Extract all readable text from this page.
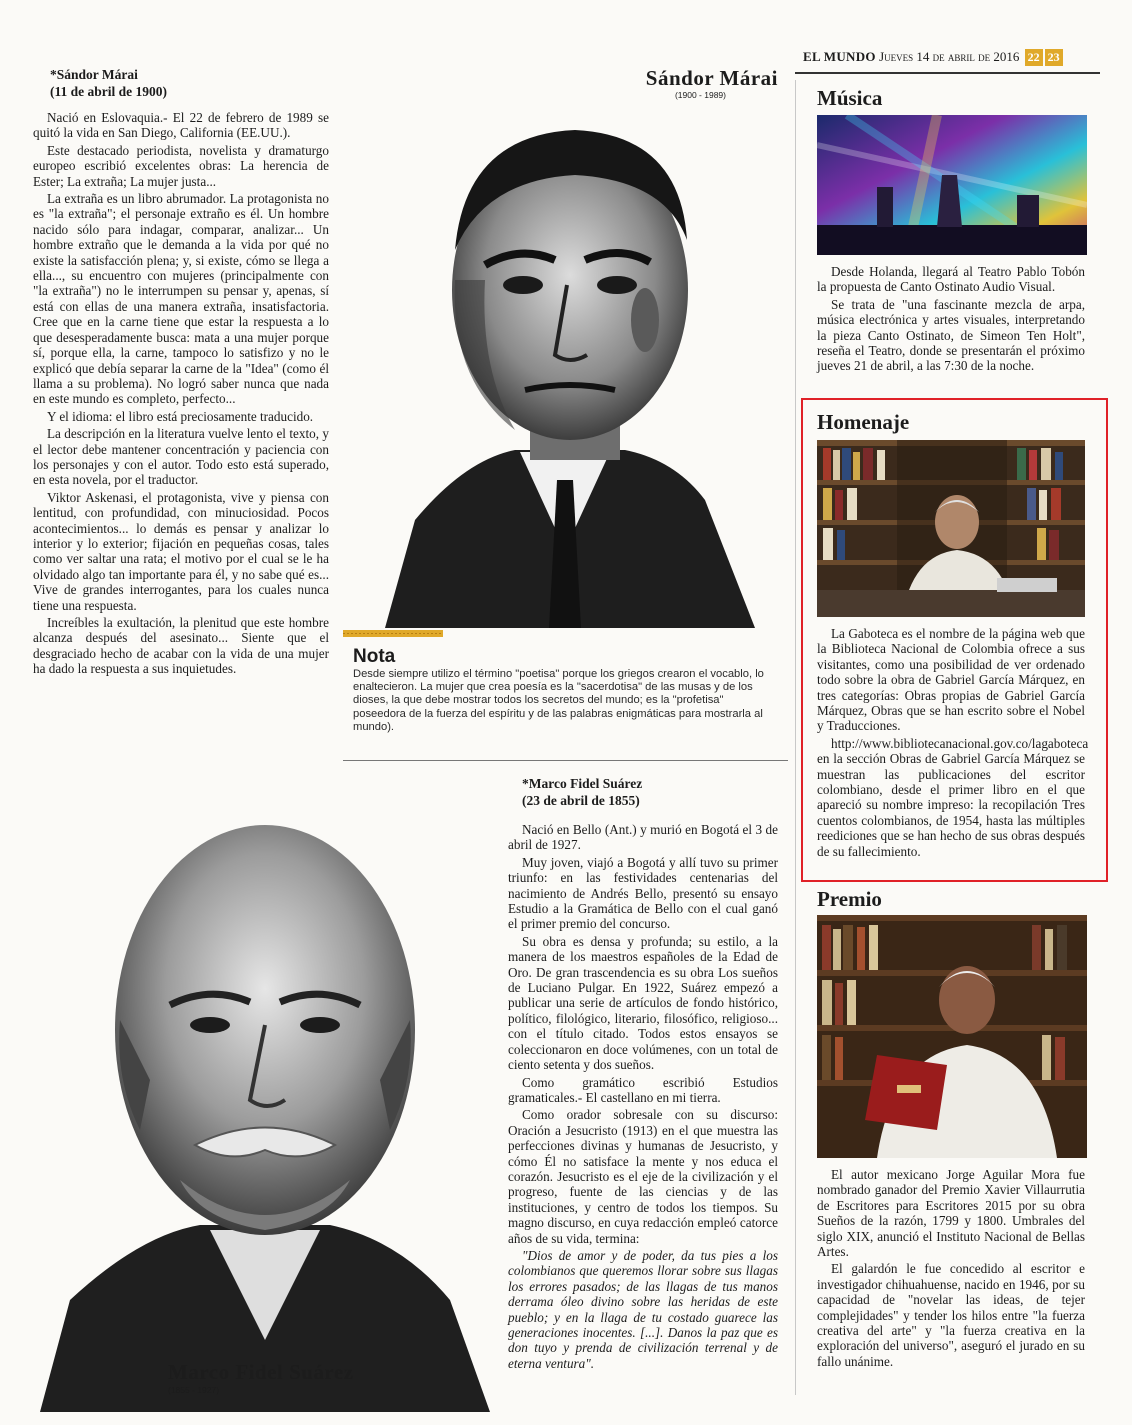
EL MUNDO Jueves 14 de abril de 2016 22 23
*Sándor Márai
(11 de abril de 1900)

Nació en Eslovaquia.- El 22 de febrero de 1989 se quitó la vida en San Diego, California (EE.UU.).

Este destacado periodista, novelista y dramaturgo europeo escribió excelentes obras: La herencia de Ester; La extraña; La mujer justa...

La extraña es un libro abrumador. La protagonista no es "la extraña"; el personaje extraño es él. Un hombre nacido sólo para indagar, comparar, analizar... Un hombre extraño que le demanda a la vida por qué no existe la satisfacción plena; y, si existe, cómo se llega a ella..., su encuentro con mujeres (principalmente con "la extraña") no le interrumpen su pensar y, apenas, sí está con ellas de una manera extraña, insatisfactoria. Cree que en la carne tiene que estar la respuesta a lo que desesperadamente busca: mata a una mujer porque sí, porque ella, la carne, tampoco lo satisfizo y no le explicó que debía separar la carne de la "Idea" (como él llama a su problema). No logró saber nunca que nada en este mundo es completo, perfecto...

Y el idioma: el libro está preciosamente traducido.

La descripción en la literatura vuelve lento el texto, y el lector debe mantener concentración y paciencia con los personajes y con el autor. Todo esto está superado, en esta novela, por el traductor.

Viktor Askenasi, el protagonista, vive y piensa con lentitud, con profundidad, con minuciosidad. Pocos acontecimientos... lo demás es pensar y analizar lo interior y lo exterior; fijación en pequeñas cosas, tales como ver saltar una rata; el motivo por el cual se le ha olvidado algo tan importante para él, y no sabe qué es... Vive de grandes interrogantes, para los cuales nunca tiene una respuesta.

Increíbles la exultación, la plenitud que este hombre alcanza después del asesinato... Siente que el desgraciado hecho de acabar con la vida de una mujer ha dado la respuesta a sus inquietudes.

Sándor Márai
(1900 - 1989)
Nota
Desde siempre utilizo el término "poetisa" porque los griegos crearon el vocablo, lo enaltecieron. La mujer que crea poesía es la "sacerdotisa" de las musas y de los dioses, la que debe mostrar todos los secretos del mundo; es la "profetisa" poseedora de la fuerza del espíritu y de las palabras enigmáticas para mostrarla al mundo).
Marco Fidel Suárez
(1855 - 1927)
*Marco Fidel Suárez
(23 de abril de 1855)

Nació en Bello (Ant.) y murió en Bogotá el 3 de abril de 1927.

Muy joven, viajó a Bogotá y allí tuvo su primer triunfo: en las festividades centenarias del nacimiento de Andrés Bello, presentó su ensayo Estudio a la Gramática de Bello con el cual ganó el primer premio del concurso.

Su obra es densa y profunda; su estilo, a la manera de los maestros españoles de la Edad de Oro. De gran trascendencia es su obra Los sueños de Luciano Pulgar. En 1922, Suárez empezó a publicar una serie de artículos de fondo histórico, político, filológico, literario, filosófico, religioso... con el título citado. Todos estos ensayos se coleccionaron en doce volúmenes, con un total de ciento setenta y dos sueños.

Como gramático escribió Estudios gramaticales.- El castellano en mi tierra.

Como orador sobresale con su discurso: Oración a Jesucristo (1913) en el que muestra las perfecciones divinas y humanas de Jesucristo, y cómo Él no satisface la mente y nos educa el corazón. Jesucristo es el eje de la civilización y el progreso, fuente de las ciencias y de las instituciones, y centro de todos los tiempos. Su magno discurso, en cuya redacción empleó catorce años de su vida, termina:

"Dios de amor y de poder, da tus pies a los colombianos que queremos llorar sobre sus llagas los errores pasados; de las llagas de tus manos derrama óleo divino sobre las heridas de este pueblo; y en la llaga de tu costado guarece las generaciones inocentes. [...]. Danos la paz que es don tuyo y prenda de civilización terrenal y de eterna ventura".

Música

Desde Holanda, llegará al Teatro Pablo Tobón la propuesta de Canto Ostinato Audio Visual.

Se trata de "una fascinante mezcla de arpa, música electrónica y artes visuales, interpretando la pieza Canto Ostinato, de Simeon Ten Holt", reseña el Teatro, donde se presentarán el próximo jueves 21 de abril, a las 7:30 de la noche.

Homenaje

La Gaboteca es el nombre de la página web que la Biblioteca Nacional de Colombia ofrece a sus visitantes, como una posibilidad de ver ordenado todo sobre la obra de Gabriel García Márquez, en tres categorías: Obras propias de Gabriel García Márquez, Obras que se han escrito sobre el Nobel y Traducciones.

http://www.bibliotecanacional.gov.co/lagaboteca en la sección Obras de Gabriel García Márquez se muestran las publicaciones del escritor colombiano, desde el primer libro en el que apareció su nombre impreso: la recopilación Tres cuentos colombianos, de 1954, hasta las múltiples reediciones que se han hecho de sus obras después de su fallecimiento.

Premio

El autor mexicano Jorge Aguilar Mora fue nombrado ganador del Premio Xavier Villaurrutia de Escritores para Escritores 2015 por su obra Sueños de la razón, 1799 y 1800. Umbrales del siglo XIX, anunció el Instituto Nacional de Bellas Artes.

El galardón le fue concedido al escritor e investigador chihuahuense, nacido en 1946, por su capacidad de "novelar las ideas, de tejer complejidades" y tender los hilos entre "la fuerza creativa del arte" y "la fuerza creativa en la exploración del universo", aseguró el jurado en su fallo unánime.
